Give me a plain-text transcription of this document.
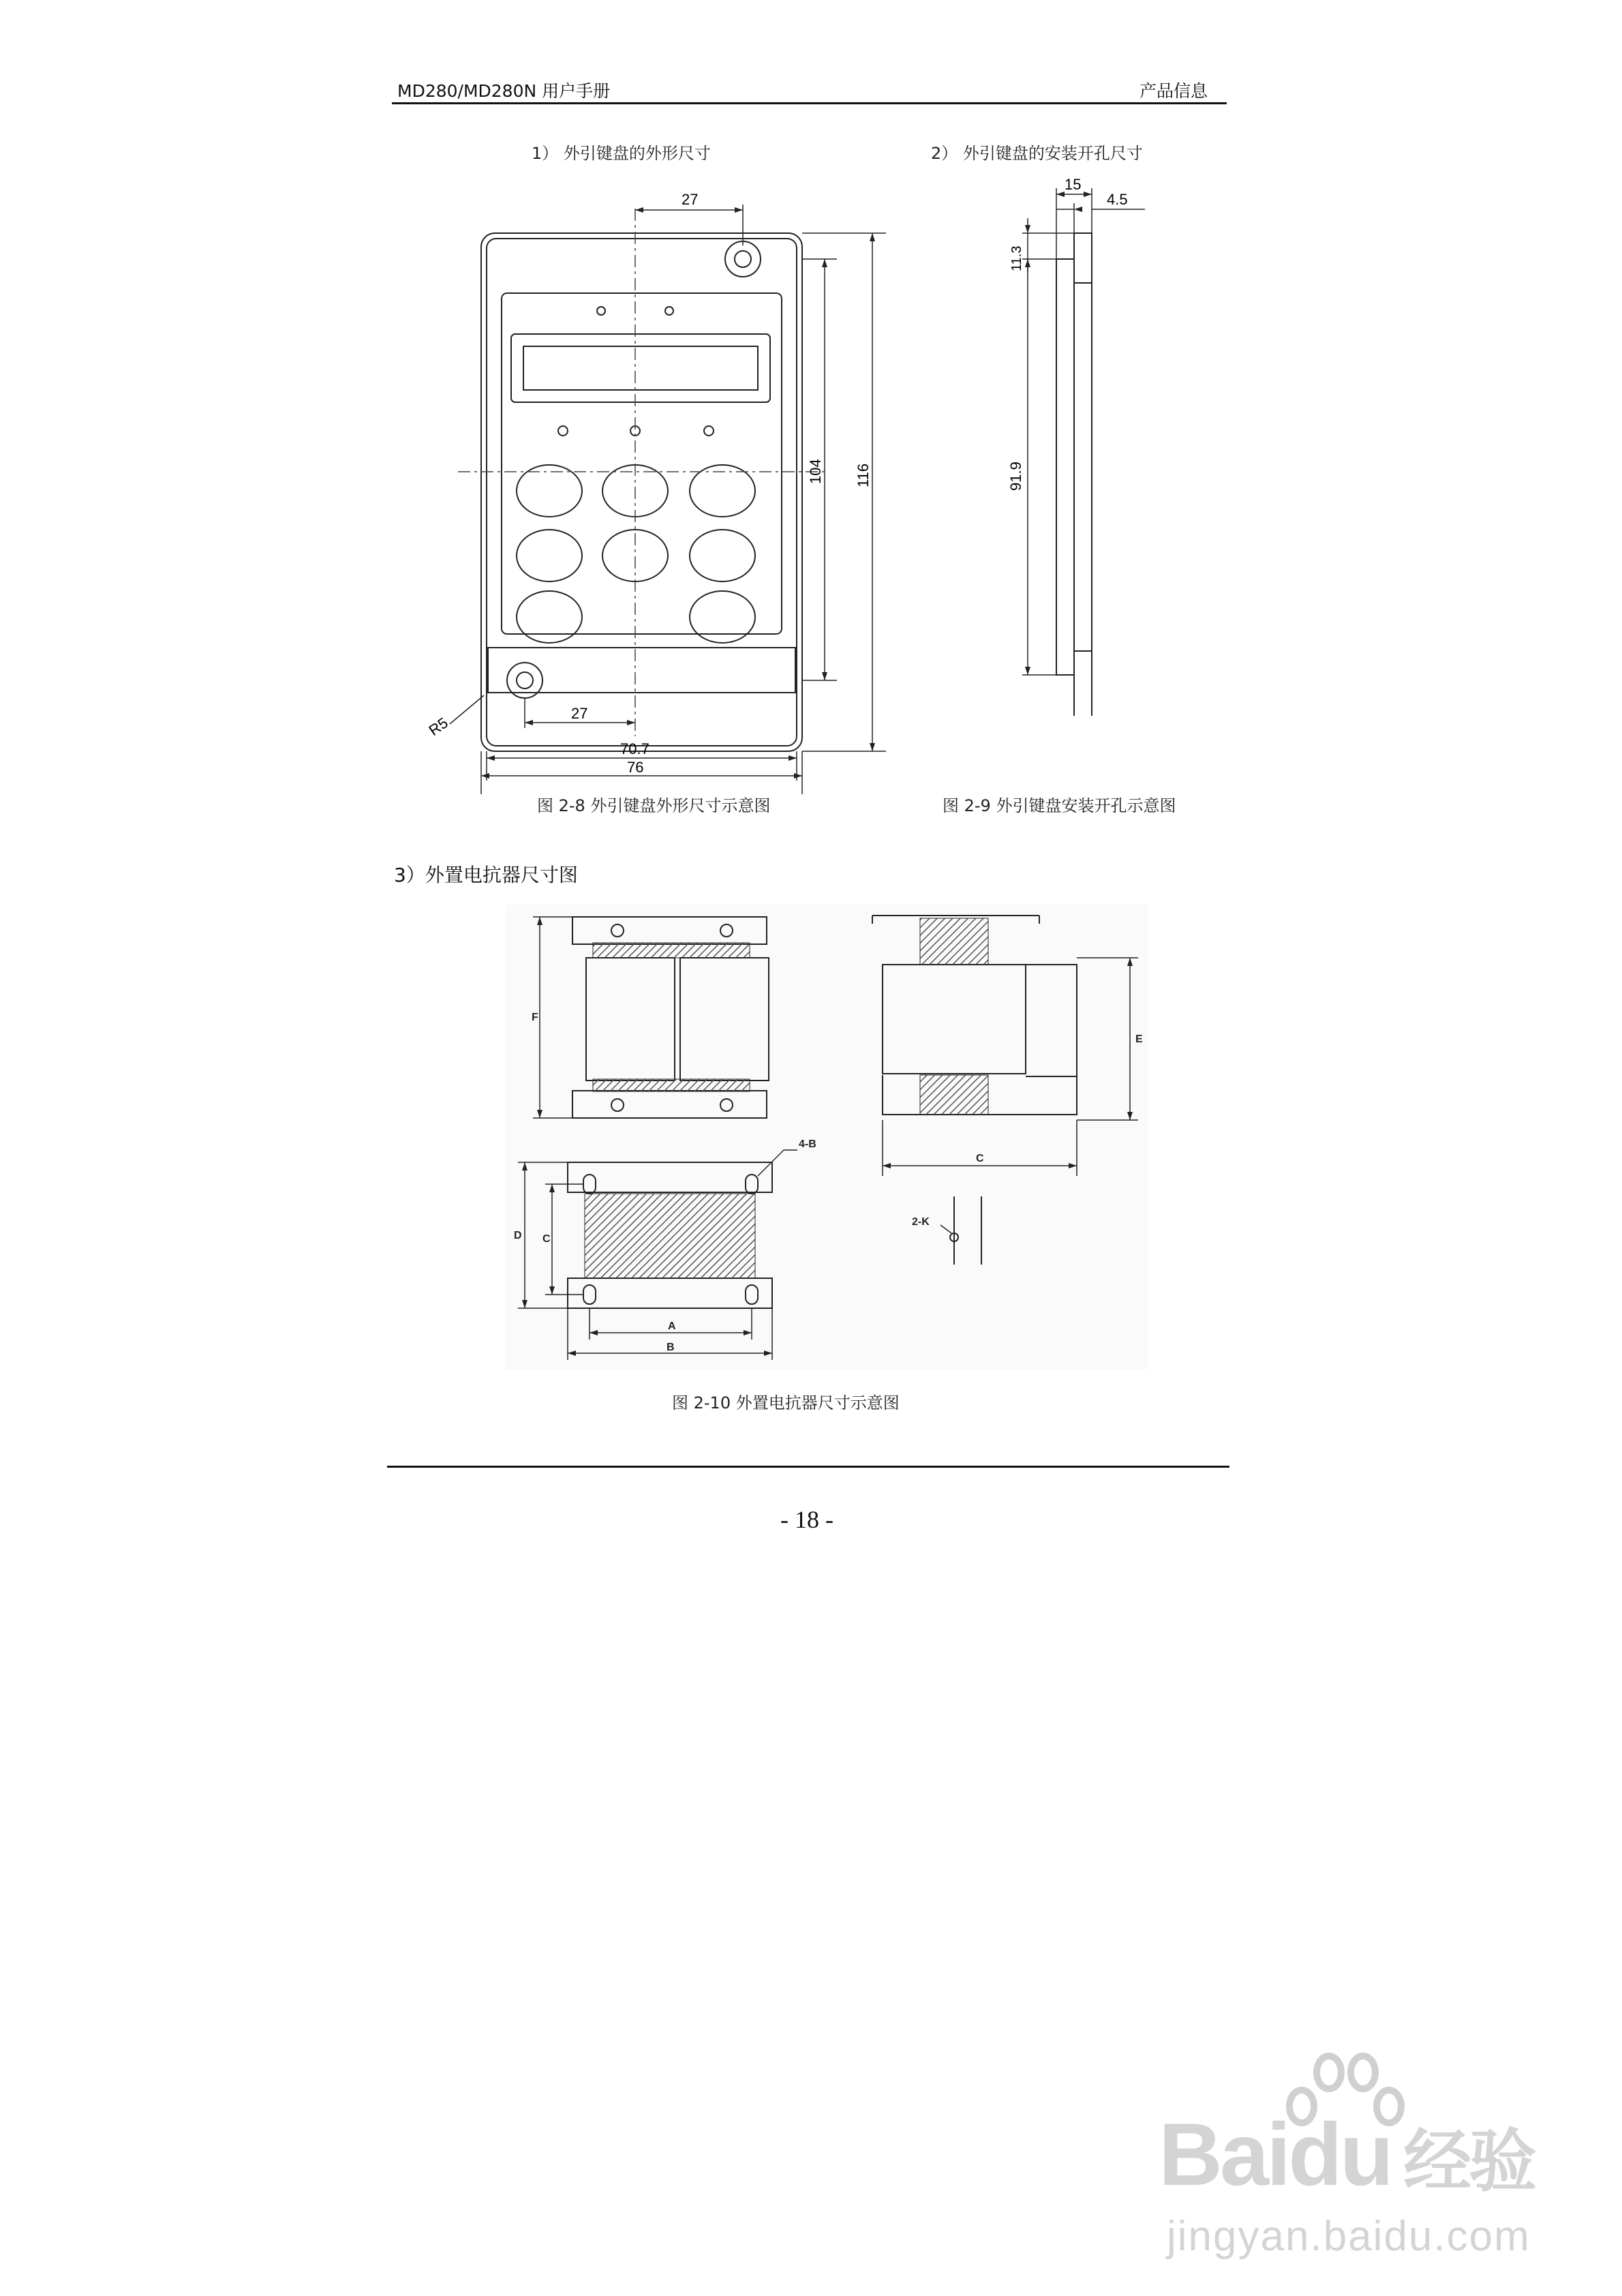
MD280/MD280N 用户手册	产品信息
1） 外引键盘的外形尺寸	2） 外引键盘的安装开孔尺寸
27
104 116
27
70.7
76
R5
15
4.5
11.3
91.9
图 2-8 外引键盘外形尺寸示意图	图 2-9 外引键盘安装开孔示意图
3）外置电抗器尺寸图
F
E
C
D C
A
B
4-B
2-K
图 2-10 外置电抗器尺寸示意图
- 18 -
Baidu 经验
jingyan.baidu.com
